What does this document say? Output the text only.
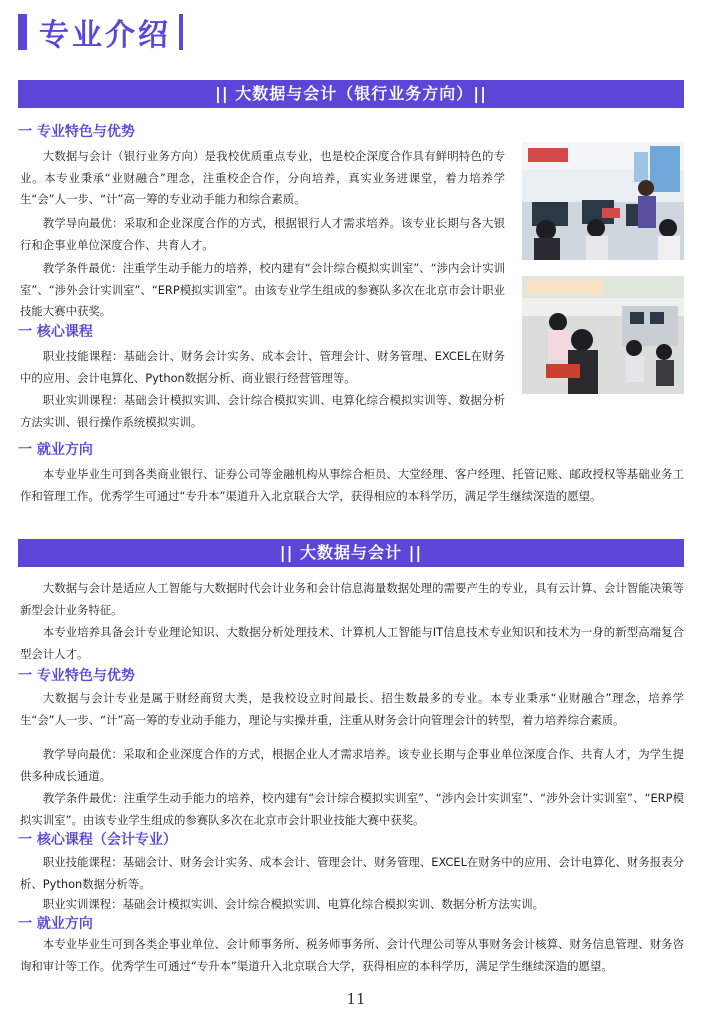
专业介绍
|| 大数据与会计（银行业务方向）||
一 专业特色与优势

大数据与会计（银行业务方向）是我校优质重点专业，也是校企深度合作具有鲜明特色的专业。本专业秉承“业财融合”理念，注重校企合作，分向培养，真实业务进课堂，着力培养学生“会”人一步、“计”高一筹的专业动手能力和综合素质。

教学导向最优：采取和企业深度合作的方式，根据银行人才需求培养。该专业长期与各大银行和企事业单位深度合作、共育人才。

教学条件最优：注重学生动手能力的培养，校内建有“会计综合模拟实训室”、“涉内会计实训室”、“涉外会计实训室”、“ERP模拟实训室”。由该专业学生组成的参赛队多次在北京市会计职业技能大赛中获奖。

一 核心课程

职业技能课程：基础会计、财务会计实务、成本会计、管理会计、财务管理、EXCEL在财务中的应用、会计电算化、Python数据分析、商业银行经营管理等。

职业实训课程：基础会计模拟实训、会计综合模拟实训、电算化综合模拟实训等、数据分析方法实训、银行操作系统模拟实训。

一 就业方向

本专业毕业生可到各类商业银行、证券公司等金融机构从事综合柜员、大堂经理、客户经理、托管记账、邮政授权等基础业务工作和管理工作。优秀学生可通过“专升本”渠道升入北京联合大学，获得相应的本科学历，满足学生继续深造的愿望。

|| 大数据与会计 ||

大数据与会计是适应人工智能与大数据时代会计业务和会计信息海量数据处理的需要产生的专业，具有云计算、会计智能决策等新型会计业务特征。

本专业培养具备会计专业理论知识、大数据分析处理技术、计算机人工智能与IT信息技术专业知识和技术为一身的新型高端复合型会计人才。

一 专业特色与优势

大数据与会计专业是属于财经商贸大类，是我校设立时间最长、招生数最多的专业。本专业秉承“业财融合”理念，培养学生“会”人一步、“计”高一筹的专业动手能力，理论与实操并重，注重从财务会计向管理会计的转型，着力培养综合素质。

教学导向最优：采取和企业深度合作的方式，根据企业人才需求培养。该专业长期与企事业单位深度合作、共育人才，为学生提供多种成长通道。

教学条件最优：注重学生动手能力的培养，校内建有“会计综合模拟实训室”、“涉内会计实训室”、“涉外会计实训室”、“ERP模拟实训室”。由该专业学生组成的参赛队多次在北京市会计职业技能大赛中获奖。

一 核心课程（会计专业）

职业技能课程：基础会计、财务会计实务、成本会计、管理会计、财务管理、EXCEL在财务中的应用、会计电算化、财务报表分析、Python数据分析等。

职业实训课程：基础会计模拟实训、会计综合模拟实训、电算化综合模拟实训、数据分析方法实训。

一 就业方向

本专业毕业生可到各类企事业单位、会计师事务所、税务师事务所、会计代理公司等从事财务会计核算、财务信息管理、财务咨询和审计等工作。优秀学生可通过“专升本”渠道升入北京联合大学，获得相应的本科学历，满足学生继续深造的愿望。

11
